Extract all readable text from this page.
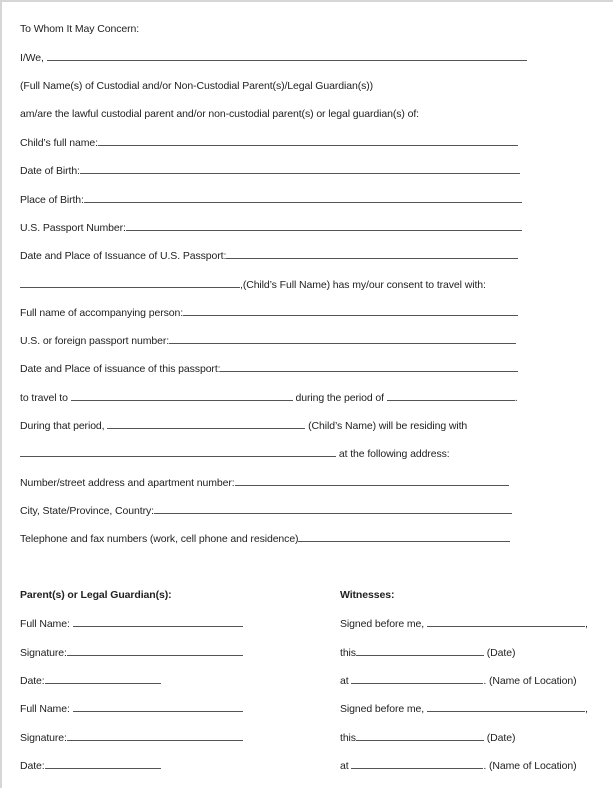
To Whom It May Concern:
I/We,
(Full Name(s) of Custodial and/or Non-Custodial Parent(s)/Legal Guardian(s))
am/are the lawful custodial parent and/or non-custodial parent(s) or legal guardian(s) of:
Child’s full name:
Date of Birth:
Place of Birth:
U.S. Passport Number:
Date and Place of Issuance of U.S. Passport:
,(Child’s Full Name) has my/our consent to travel with:
Full name of accompanying person:
U.S. or foreign passport number:
Date and Place of issuance of this passport:
to travel to	during the period of	.
During that period,	(Child’s Name) will be residing with
at the following address:
Number/street address and apartment number:
City, State/Province, Country:
Telephone and fax numbers (work, cell phone and residence)
Parent(s) or Legal Guardian(s):
Full Name:
Signature:
Date:
Full Name:
Signature:
Date:
Witnesses:
Signed before me,	,
this	(Date)
at	. (Name of Location)
Signed before me,	,
this	(Date)
at	. (Name of Location)
